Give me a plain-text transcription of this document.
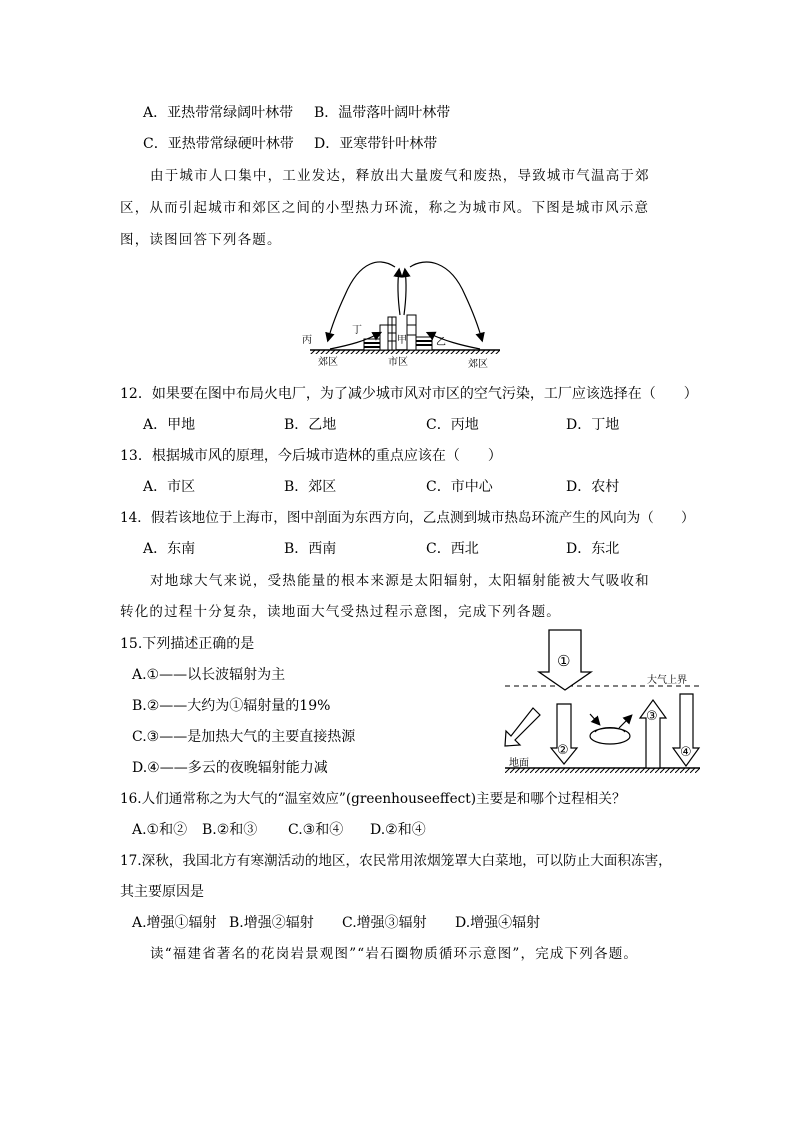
A．亚热带常绿阔叶林带 B．温带落叶阔叶林带
C．亚热带常绿硬叶林带 D．亚寒带针叶林带
由于城市人口集中，工业发达，释放出大量废气和废热，导致城市气温高于郊
区，从而引起城市和郊区之间的小型热力环流，称之为城市风。下图是城市风示意
图，读图回答下列各题。
丙
丁
甲	乙
郊区	市区	郊区
12．如果要在图中布局火电厂，为了减少城市风对市区的空气污染，工厂应该选择在（　　）
A．甲地	B．乙地	C．丙地	D．丁地
13．根据城市风的原理，今后城市造林的重点应该在（　　）
A．市区	B．郊区	C．市中心	D．农村
14．假若该地位于上海市，图中剖面为东西方向，乙点测到城市热岛环流产生的风向为（　　）
A．东南	B．西南	C．西北	D．东北
对地球大气来说，受热能量的根本来源是太阳辐射，太阳辐射能被大气吸收和
转化的过程十分复杂，读地面大气受热过程示意图，完成下列各题。
15.下列描述正确的是
A.①——以长波辐射为主
B.②——大约为①辐射量的19%
C.③——是加热大气的主要直接热源
D.④——多云的夜晚辐射能力减
①
②
③
④
大气上界
地面
16.人们通常称之为大气的“温室效应”(greenhouseeffect)主要是和哪个过程相关？
A.①和② B.②和③ C.③和④ D.②和④
17.深秋，我国北方有寒潮活动的地区，农民常用浓烟笼罩大白菜地，可以防止大面积冻害，
其主要原因是
A.增强①辐射 B.增强②辐射 C.增强③辐射 D.增强④辐射
读“福建省著名的花岗岩景观图”“岩石圈物质循环示意图”，完成下列各题。
